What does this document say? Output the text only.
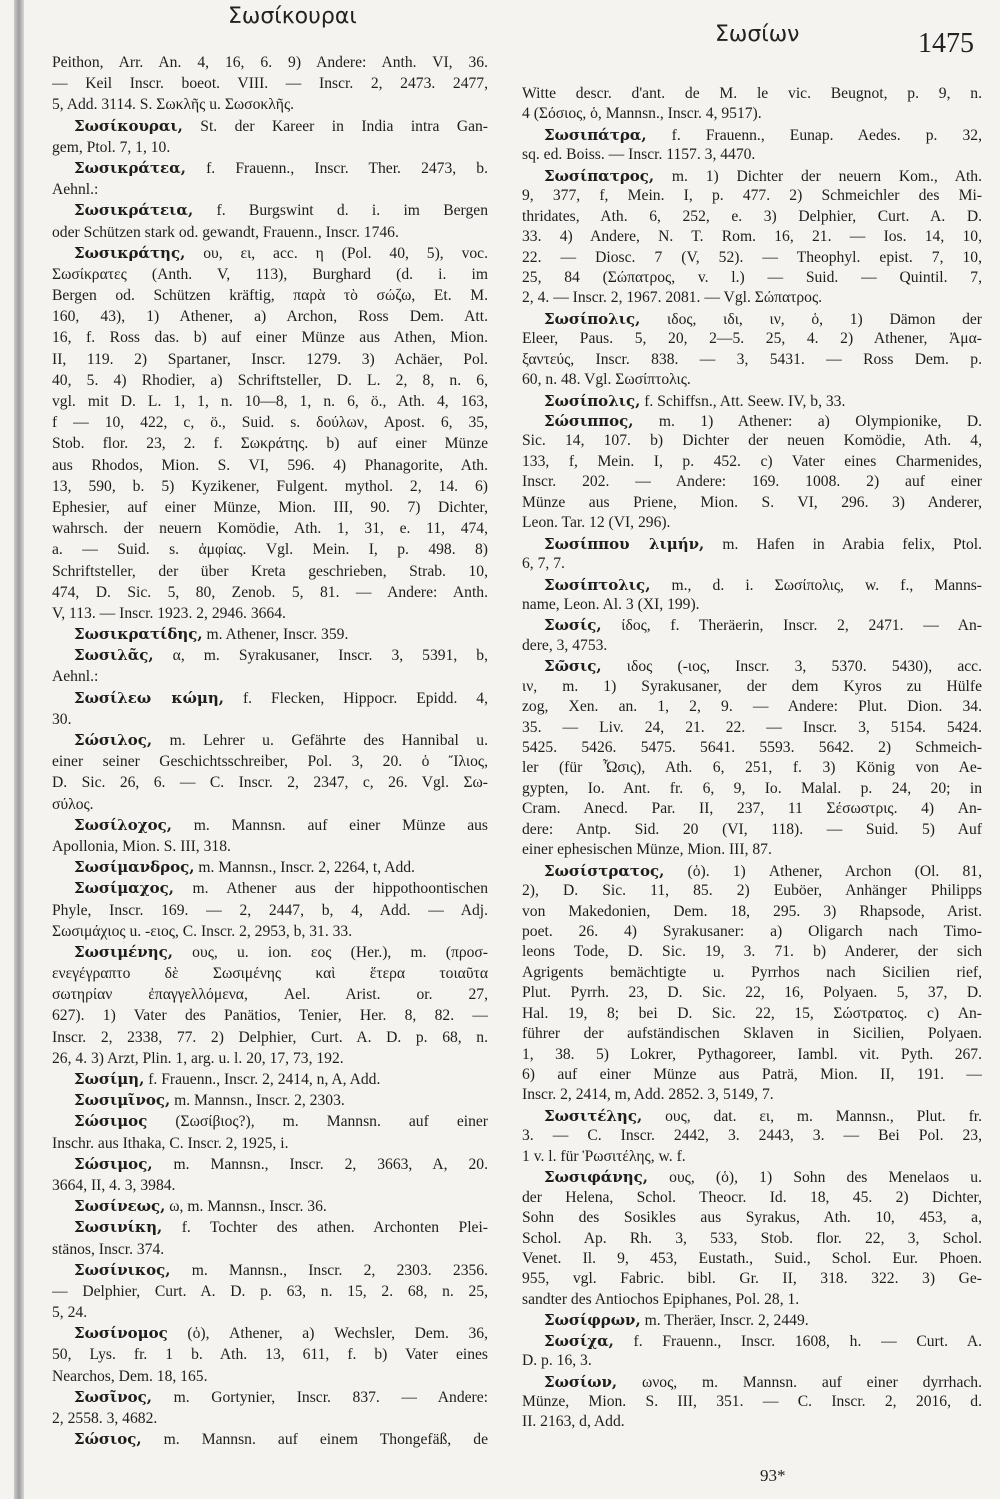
Σωσίκουραι
Σωσίων	1475
Peithon, Arr. An. 4, 16, 6. 9) Andere: Anth. VI, 36.
— Keil Inscr. boeot. VIII. — Inscr. 2, 2473. 2477,
5, Add. 3114. S. Σωκλῆς u. Σωσοκλῆς.
Σωσίκουραι, St. der Kareer in India intra Gan-
gem, Ptol. 7, 1, 10.
Σωσικράτεα, f. Frauenn., Inscr. Ther. 2473, b.
Aehnl.:
Σωσικράτεια, f. Burgswint d. i. im Bergen
oder Schützen stark od. gewandt, Frauenn., Inscr. 1746.
Σωσικράτης, ου, ει, acc. η (Pol. 40, 5), voc.
Σωσίκρατες (Anth. V, 113), Burghard (d. i. im
Bergen od. Schützen kräftig, παρὰ τὸ σώζω, Et. M.
160, 43), 1) Athener, a) Archon, Ross Dem. Att.
16, f. Ross das. b) auf einer Münze aus Athen, Mion.
II, 119. 2) Spartaner, Inscr. 1279. 3) Achäer, Pol.
40, 5. 4) Rhodier, a) Schriftsteller, D. L. 2, 8, n. 6,
vgl. mit D. L. 1, 1, n. 10—8, 1, n. 6, ö., Ath. 4, 163,
f — 10, 422, c, ö., Suid. s. δούλων, Apost. 6, 35,
Stob. flor. 23, 2. f. Σωκράτης. b) auf einer Münze
aus Rhodos, Mion. S. VI, 596. 4) Phanagorite, Ath.
13, 590, b. 5) Kyzikener, Fulgent. mythol. 2, 14. 6)
Ephesier, auf einer Münze, Mion. III, 90. 7) Dichter,
wahrsch. der neuern Komödie, Ath. 1, 31, e. 11, 474,
a. — Suid. s. ἀμφίας. Vgl. Mein. I, p. 498. 8)
Schriftsteller, der über Kreta geschrieben, Strab. 10,
474, D. Sic. 5, 80, Zenob. 5, 81. — Andere: Anth.
V, 113. — Inscr. 1923. 2, 2946. 3664.
Σωσικρατίδης, m. Athener, Inscr. 359.
Σωσιλᾶς, α, m. Syrakusaner, Inscr. 3, 5391, b,
Aehnl.:
Σωσίλεω κώμη, f. Flecken, Hippocr. Epidd. 4,
30.
Σώσιλος, m. Lehrer u. Gefährte des Hannibal u.
einer seiner Geschichtsschreiber, Pol. 3, 20. ὁ Ἴλιος,
D. Sic. 26, 6. — C. Inscr. 2, 2347, c, 26. Vgl. Σω-
σύλος.
Σωσίλοχος, m. Mannsn. auf einer Münze aus
Apollonia, Mion. S. III, 318.
Σωσίμανδρος, m. Mannsn., Inscr. 2, 2264, t, Add.
Σωσίμαχος, m. Athener aus der hippothoontischen
Phyle, Inscr. 169. — 2, 2447, b, 4, Add. — Adj.
Σωσιμάχιος u. -ειος, C. Inscr. 2, 2953, b, 31. 33.
Σωσιμένης, ους, u. ion. εος (Her.), m. (προσ-
ενεγέγραπτο δὲ Σωσιμένης καὶ ἕτερα τοιαῦτα
σωτηρίαν ἐπαγγελλόμενα, Ael. Arist. or. 27,
627). 1) Vater des Panätios, Tenier, Her. 8, 82. —
Inscr. 2, 2338, 77. 2) Delphier, Curt. A. D. p. 68, n.
26, 4. 3) Arzt, Plin. 1, arg. u. l. 20, 17, 73, 192.
Σωσίμη, f. Frauenn., Inscr. 2, 2414, n, A, Add.
Σωσιμῖνος, m. Mannsn., Inscr. 2, 2303.
Σώσιμος (Σωσίβιος?), m. Mannsn. auf einer
Inschr. aus Ithaka, C. Inscr. 2, 1925, i.
Σώσιμος, m. Mannsn., Inscr. 2, 3663, A, 20.
3664, II, 4. 3, 3984.
Σωσίνεως, ω, m. Mannsn., Inscr. 36.
Σωσινίκη, f. Tochter des athen. Archonten Plei-
stänos, Inscr. 374.
Σωσίνικος, m. Mannsn., Inscr. 2, 2303. 2356.
— Delphier, Curt. A. D. p. 63, n. 15, 2. 68, n. 25,
5, 24.
Σωσίνομος (ὁ), Athener, a) Wechsler, Dem. 36,
50, Lys. fr. 1 b. Ath. 13, 611, f. b) Vater eines
Nearchos, Dem. 18, 165.
Σωσῖνος, m. Gortynier, Inscr. 837. — Andere:
2, 2558. 3, 4682.
Σώσιος, m. Mannsn. auf einem Thongefäß, de
Witte descr. d'ant. de M. le vic. Beugnot, p. 9, n.
4 (Σόσιος, ὁ, Mannsn., Inscr. 4, 9517).
Σωσιπάτρα, f. Frauenn., Eunap. Aedes. p. 32,
sq. ed. Boiss. — Inscr. 1157. 3, 4470.
Σωσίπατρος, m. 1) Dichter der neuern Kom., Ath.
9, 377, f, Mein. I, p. 477. 2) Schmeichler des Mi-
thridates, Ath. 6, 252, e. 3) Delphier, Curt. A. D.
33. 4) Andere, N. T. Rom. 16, 21. — Ios. 14, 10,
22. — Diosc. 7 (V, 52). — Theophyl. epist. 7, 10,
25, 84 (Σώπατρος, v. l.) — Suid. — Quintil. 7,
2, 4. — Inscr. 2, 1967. 2081. — Vgl. Σώπατρος.
Σωσίπολις, ιδος, ιδι, ιν, ὁ, 1) Dämon der
Eleer, Paus. 5, 20, 2—5. 25, 4. 2) Athener, Ἀμα-
ξαντεύς, Inscr. 838. — 3, 5431. — Ross Dem. p.
60, n. 48. Vgl. Σωσίπτολις.
Σωσίπολις, f. Schiffsn., Att. Seew. IV, b, 33.
Σώσιππος, m. 1) Athener: a) Olympionike, D.
Sic. 14, 107. b) Dichter der neuen Komödie, Ath. 4,
133, f, Mein. I, p. 452. c) Vater eines Charmenides,
Inscr. 202. — Andere: 169. 1008. 2) auf einer
Münze aus Priene, Mion. S. VI, 296. 3) Anderer,
Leon. Tar. 12 (VI, 296).
Σωσίππου λιμήν, m. Hafen in Arabia felix, Ptol.
6, 7, 7.
Σωσίπτολις, m., d. i. Σωσίπολις, w. f., Manns-
name, Leon. Al. 3 (XI, 199).
Σωσίς, ίδος, f. Theräerin, Inscr. 2, 2471. — An-
dere, 3, 4753.
Σῶσις, ιδος (-ιος, Inscr. 3, 5370. 5430), acc.
ιν, m. 1) Syrakusaner, der dem Kyros zu Hülfe
zog, Xen. an. 1, 2, 9. — Andere: Plut. Dion. 34.
35. — Liv. 24, 21. 22. — Inscr. 3, 5154. 5424.
5425. 5426. 5475. 5641. 5593. 5642. 2) Schmeich-
ler (für Ὦσις), Ath. 6, 251, f. 3) König von Ae-
gypten, Io. Ant. fr. 6, 9, Io. Malal. p. 24, 20; in
Cram. Anecd. Par. II, 237, 11 Σέσωστρις. 4) An-
dere: Antp. Sid. 20 (VI, 118). — Suid. 5) Auf
einer ephesischen Münze, Mion. III, 87.
Σωσίστρατος, (ὁ). 1) Athener, Archon (Ol. 81,
2), D. Sic. 11, 85. 2) Euböer, Anhänger Philipps
von Makedonien, Dem. 18, 295. 3) Rhapsode, Arist.
poet. 26. 4) Syrakusaner: a) Oligarch nach Timo-
leons Tode, D. Sic. 19, 3. 71. b) Anderer, der sich
Agrigents bemächtigte u. Pyrrhos nach Sicilien rief,
Plut. Pyrrh. 23, D. Sic. 22, 16, Polyaen. 5, 37, D.
Hal. 19, 8; bei D. Sic. 22, 15, Σώστρατος. c) An-
führer der aufständischen Sklaven in Sicilien, Polyaen.
1, 38. 5) Lokrer, Pythagoreer, Iambl. vit. Pyth. 267.
6) auf einer Münze aus Paträ, Mion. II, 191. —
Inscr. 2, 2414, m, Add. 2852. 3, 5149, 7.
Σωσιτέλης, ους, dat. ει, m. Mannsn., Plut. fr.
3. — C. Inscr. 2442, 3. 2443, 3. — Bei Pol. 23,
1 v. l. für Ῥωσιτέλης, w. f.
Σωσιφάνης, ους, (ὁ), 1) Sohn des Menelaos u.
der Helena, Schol. Theocr. Id. 18, 45. 2) Dichter,
Sohn des Sosikles aus Syrakus, Ath. 10, 453, a,
Schol. Ap. Rh. 3, 533, Stob. flor. 22, 3, Schol.
Venet. Il. 9, 453, Eustath., Suid., Schol. Eur. Phoen.
955, vgl. Fabric. bibl. Gr. II, 318. 322. 3) Ge-
sandter des Antiochos Epiphanes, Pol. 28, 1.
Σωσίφρων, m. Theräer, Inscr. 2, 2449.
Σωσίχα, f. Frauenn., Inscr. 1608, h. — Curt. A.
D. p. 16, 3.
Σωσίων, ωνος, m. Mannsn. auf einer dyrrhach.
Münze, Mion. S. III, 351. — C. Inscr. 2, 2016, d.
II. 2163, d, Add.
93*
